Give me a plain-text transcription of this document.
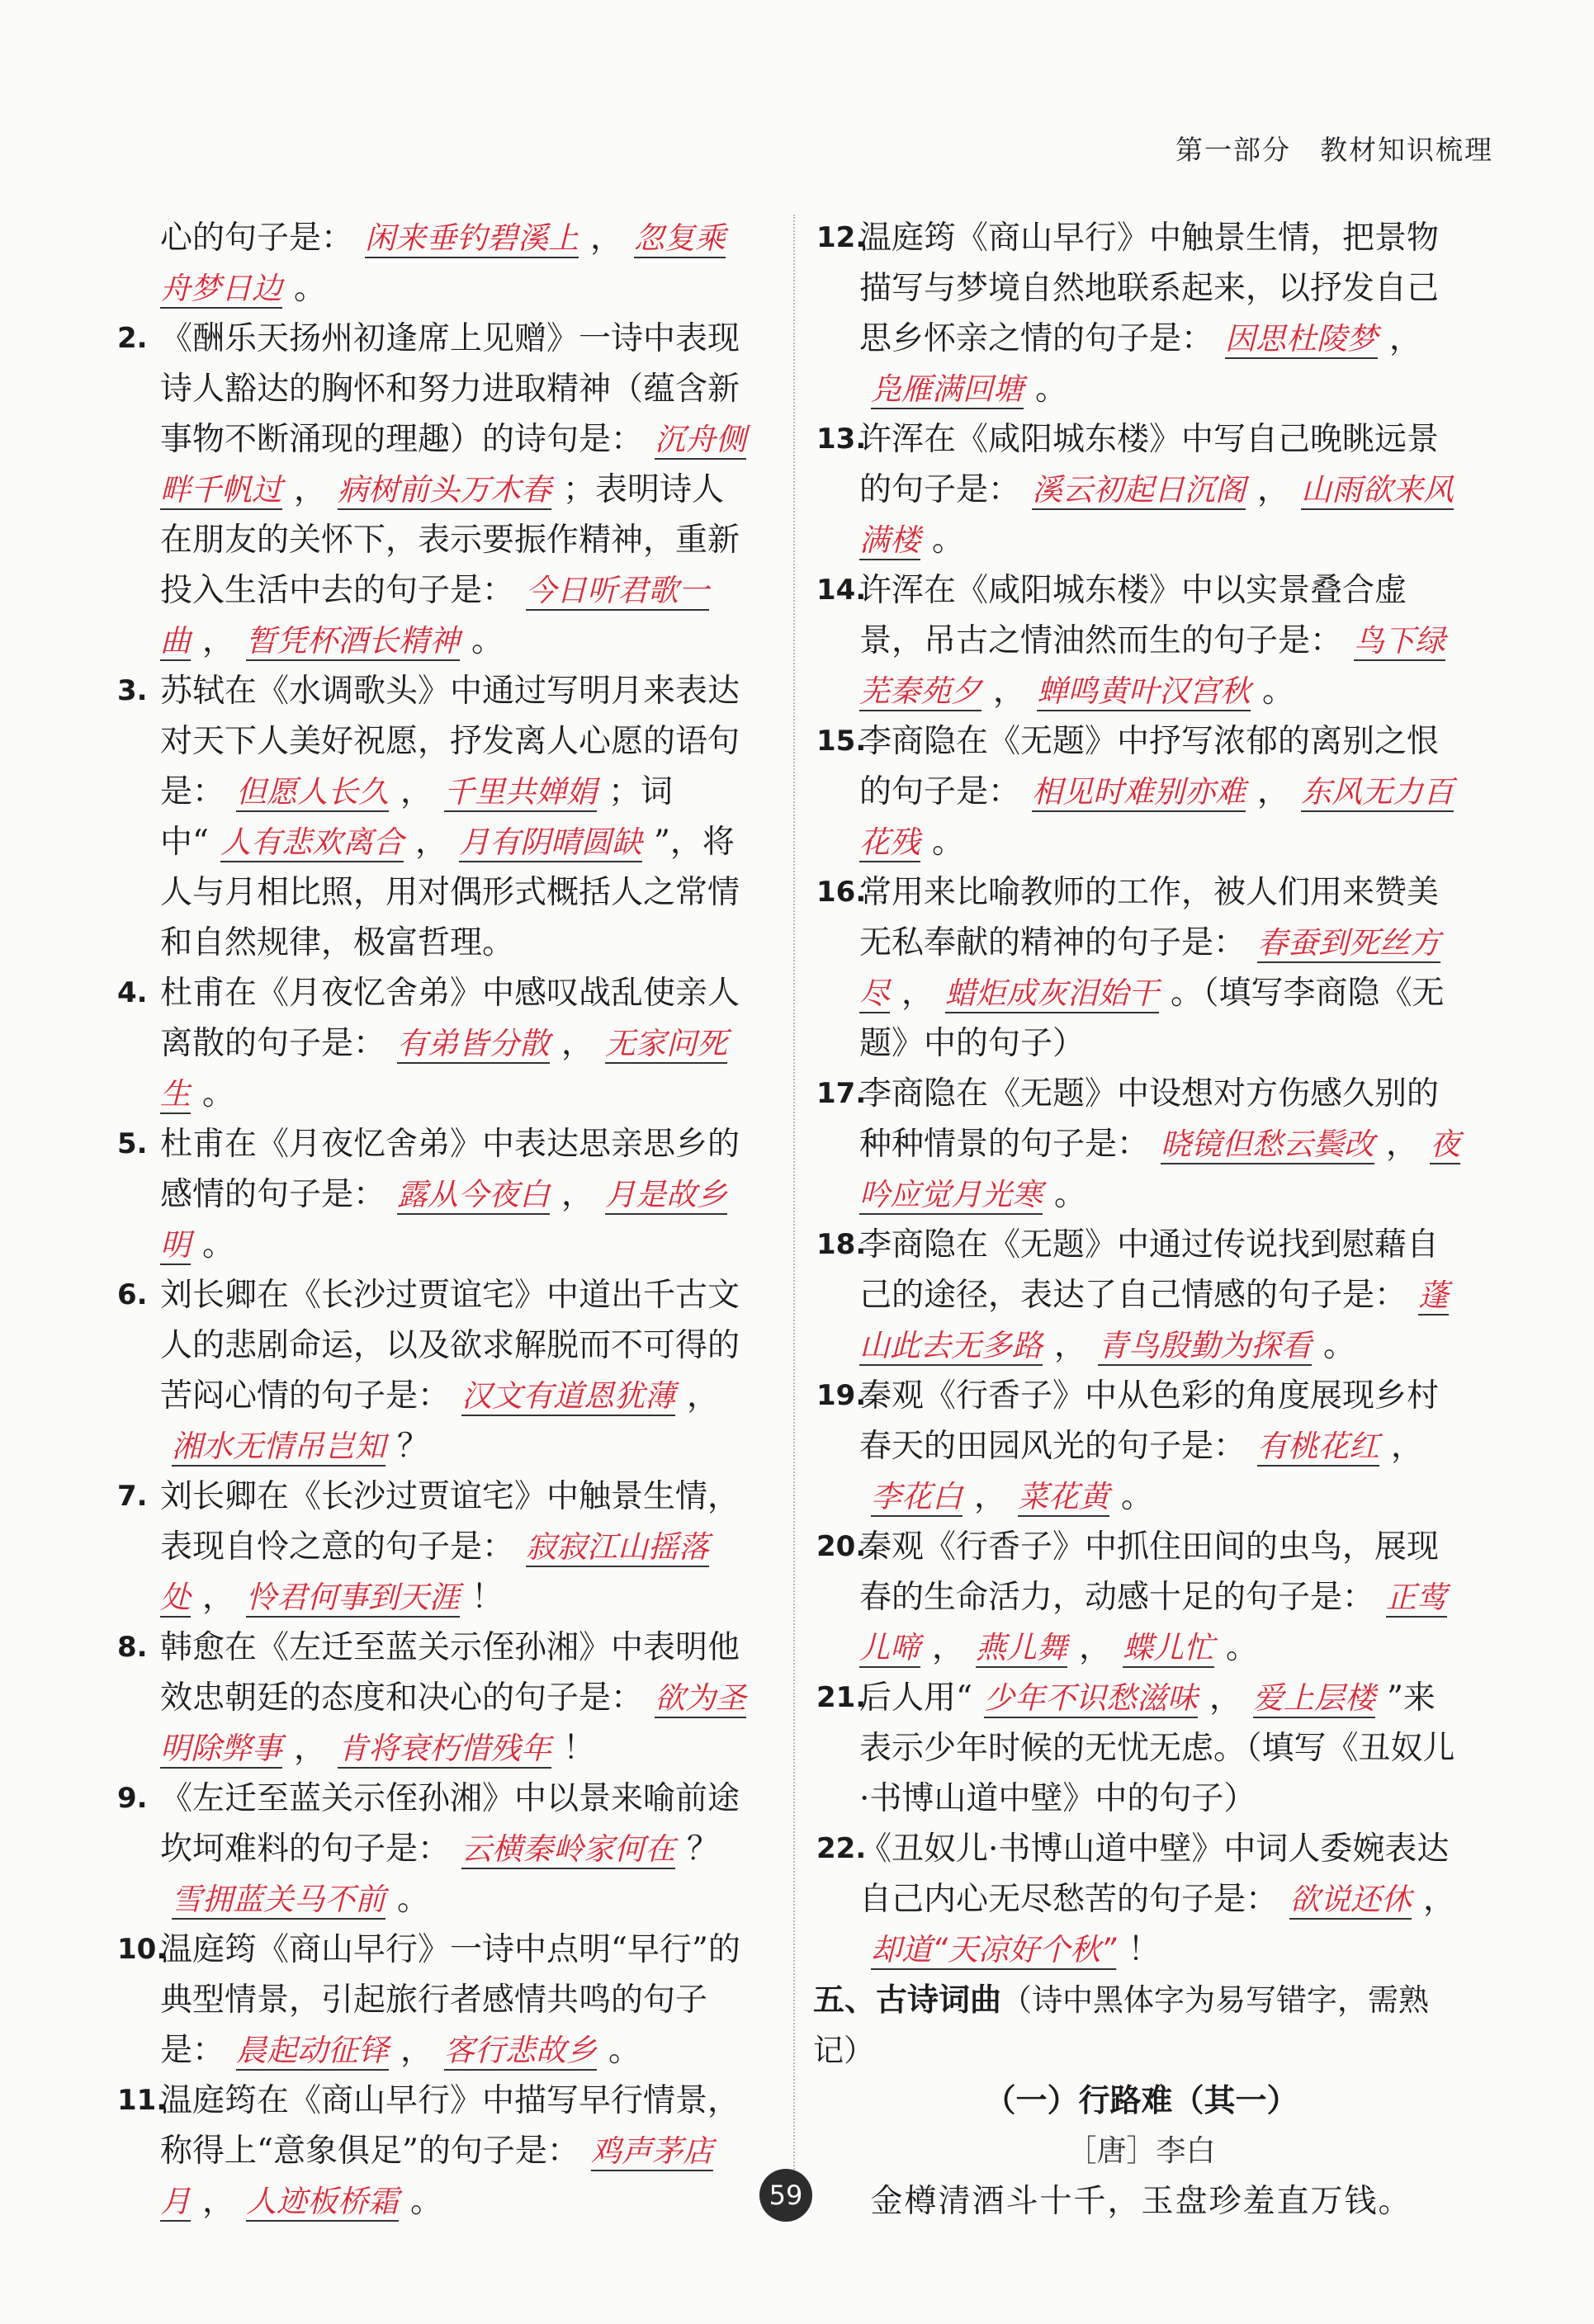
第一部分　教材知识梳理
心的句子是： 闲来垂钓碧溪上 ， 忽复乘舟梦日边 。
2. 《酬乐天扬州初逢席上见赠》一诗中表现诗人豁达的胸怀和努力进取精神（蕴含新事物不断涌现的理趣）的诗句是： 沉舟侧畔千帆过 ， 病树前头万木春 ；表明诗人在朋友的关怀下，表示要振作精神，重新投入生活中去的句子是： 今日听君歌一曲 ， 暂凭杯酒长精神 。
3. 苏轼在《水调歌头》中通过写明月来表达对天下人美好祝愿，抒发离人心愿的语句是： 但愿人长久 ， 千里共婵娟 ；词中“ 人有悲欢离合 ， 月有阴晴圆缺 ”，将人与月相比照，用对偶形式概括人之常情和自然规律，极富哲理。
4. 杜甫在《月夜忆舍弟》中感叹战乱使亲人离散的句子是： 有弟皆分散 ， 无家问死生 。
5. 杜甫在《月夜忆舍弟》中表达思亲思乡的感情的句子是： 露从今夜白 ， 月是故乡明 。
6. 刘长卿在《长沙过贾谊宅》中道出千古文人的悲剧命运，以及欲求解脱而不可得的苦闷心情的句子是： 汉文有道恩犹薄 ，湘水无情吊岂知 ？
7. 刘长卿在《长沙过贾谊宅》中触景生情，表现自怜之意的句子是： 寂寂江山摇落处 ， 怜君何事到天涯 ！
8. 韩愈在《左迁至蓝关示侄孙湘》中表明他效忠朝廷的态度和决心的句子是： 欲为圣明除弊事 ， 肯将衰朽惜残年 ！
9. 《左迁至蓝关示侄孙湘》中以景来喻前途坎坷难料的句子是： 云横秦岭家何在 ？雪拥蓝关马不前 。
10.
温庭筠《商山早行》一诗中点明“早行”的典型情景，引起旅行者感情共鸣的句子是： 晨起动征铎 ， 客行悲故乡 。
11.
温庭筠在《商山早行》中描写早行情景，称得上“意象俱足”的句子是： 鸡声茅店月 ， 人迹板桥霜 。
12.
温庭筠《商山早行》中触景生情，把景物描写与梦境自然地联系起来，以抒发自己思乡怀亲之情的句子是： 因思杜陵梦 ，凫雁满回塘 。
13.
许浑在《咸阳城东楼》中写自己晚眺远景的句子是： 溪云初起日沉阁 ， 山雨欲来风满楼 。
14.
许浑在《咸阳城东楼》中以实景叠合虚景，吊古之情油然而生的句子是： 鸟下绿芜秦苑夕 ， 蝉鸣黄叶汉宫秋 。
15.
李商隐在《无题》中抒写浓郁的离别之恨的句子是： 相见时难别亦难 ， 东风无力百花残 。
16.
常用来比喻教师的工作，被人们用来赞美无私奉献的精神的句子是： 春蚕到死丝方尽 ， 蜡炬成灰泪始干 。（填写李商隐《无题》中的句子）
17.
李商隐在《无题》中设想对方伤感久别的种种情景的句子是： 晓镜但愁云鬓改 ， 夜吟应觉月光寒 。
18.
李商隐在《无题》中通过传说找到慰藉自己的途径，表达了自己情感的句子是： 蓬山此去无多路 ， 青鸟殷勤为探看 。
19.
秦观《行香子》中从色彩的角度展现乡村春天的田园风光的句子是： 有桃花红 ，李花白 ， 菜花黄 。
20.
秦观《行香子》中抓住田间的虫鸟，展现春的生命活力，动感十足的句子是： 正莺儿啼 ， 燕儿舞 ， 蝶儿忙 。
21.
后人用“ 少年不识愁滋味 ， 爱上层楼 ”来表示少年时候的无忧无虑。（填写《丑奴儿·书博山道中壁》中的句子）
22.
《丑奴儿·书博山道中壁》中词人委婉表达自己内心无尽愁苦的句子是： 欲说还休 ，却道“天凉好个秋” ！
五、古诗词曲（诗中黑体字为易写错字，需熟记）
（一）行路难（其一）
［唐］李白
金樽清酒斗十千，玉盘珍羞直万钱。
59
